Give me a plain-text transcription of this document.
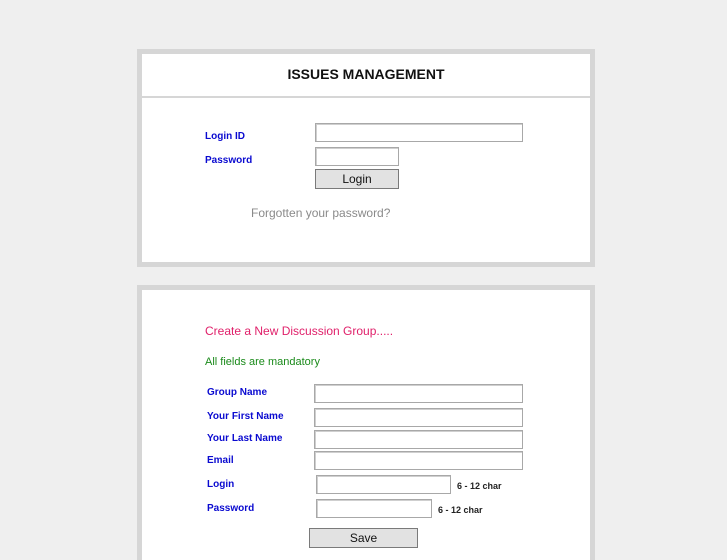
ISSUES MANAGEMENT
Login ID
Password
Login
Forgotten your password?
Create a New Discussion Group.....
All fields are mandatory
Group Name
Your First Name
Your Last Name
Email
Login	6 - 12 char
Password	6 - 12 char
Save
